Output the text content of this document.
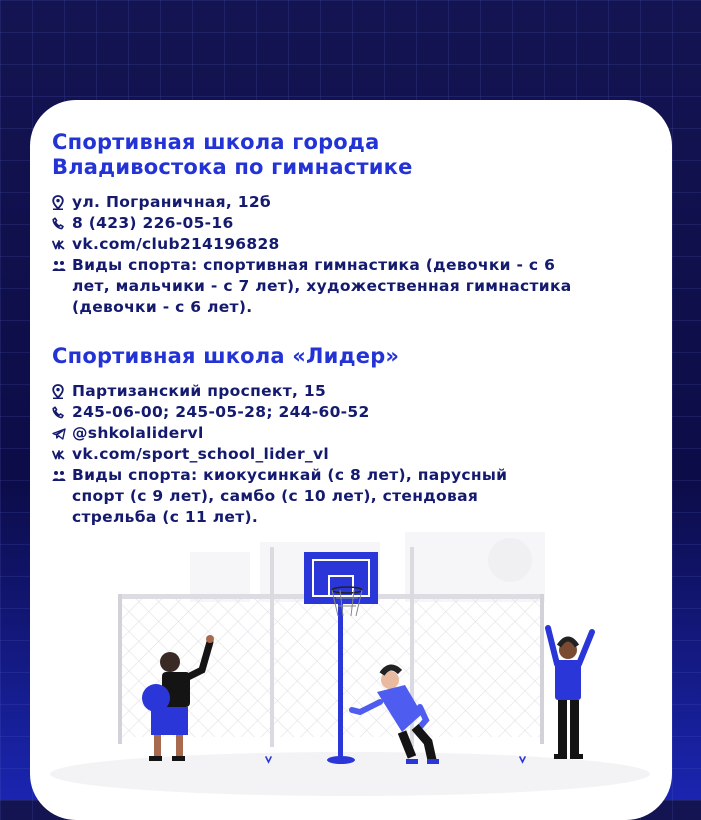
Спортивная школа города
Владивостока по гимнастике
ул. Пограничная, 12б
8 (423) 226-05-16
vk.com/club214196828
Виды спорта: спортивная гимнастика (девочки - с 6
лет, мальчики - с 7 лет), художественная гимнастика
(девочки - с 6 лет).
Спортивная школа «Лидер»
Партизанский проспект, 15
245-06-00; 245-05-28; 244-60-52
@shkolalidervl
vk.com/sport_school_lider_vl
Виды спорта: киокусинкай (с 8 лет), парусный
спорт (с 9 лет), самбо (с 10 лет), стендовая
стрельба (с 11 лет).
